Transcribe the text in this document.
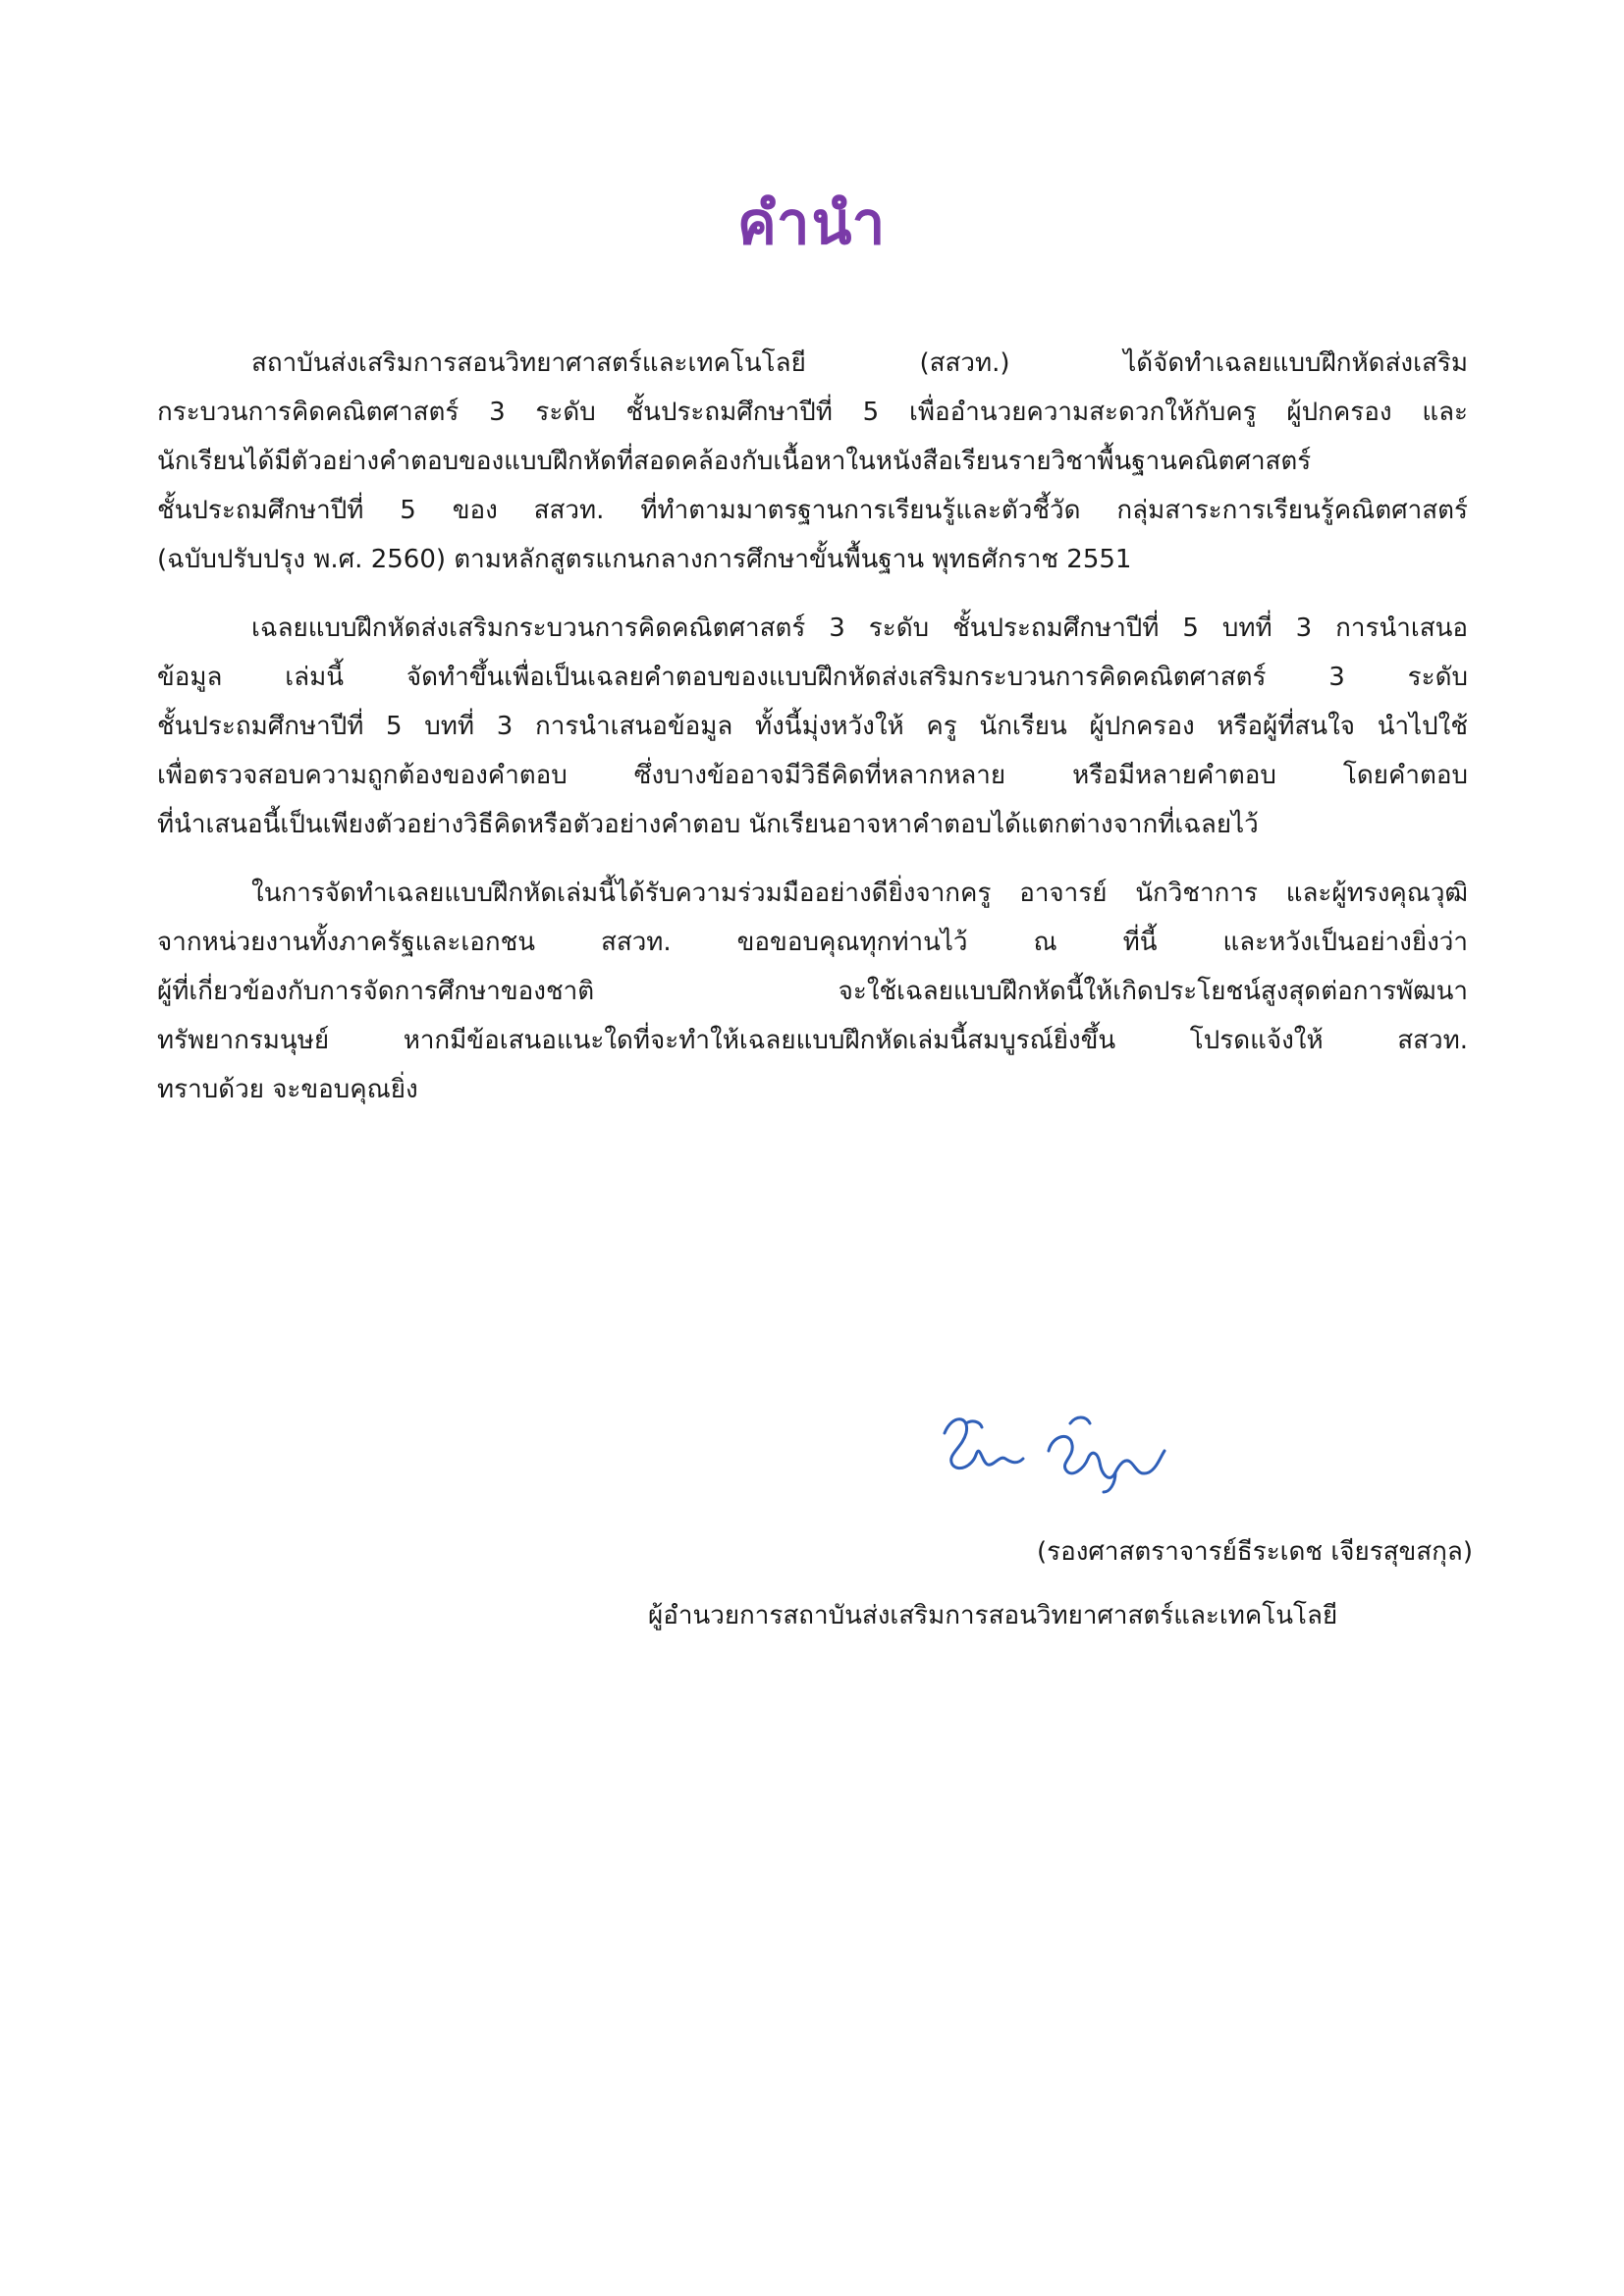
คำนำ
สถาบันส่งเสริมการสอนวิทยาศาสตร์และเทคโนโลยี (สสวท.) ได้จัดทำเฉลยแบบฝึกหัดส่งเสริม
กระบวนการคิดคณิตศาสตร์ 3 ระดับ ชั้นประถมศึกษาปีที่ 5 เพื่ออำนวยความสะดวกให้กับครู ผู้ปกครอง และ
นักเรียนได้มีตัวอย่างคำตอบของแบบฝึกหัดที่สอดคล้องกับเนื้อหาในหนังสือเรียนรายวิชาพื้นฐานคณิตศาสตร์
ชั้นประถมศึกษาปีที่ 5 ของ สสวท. ที่ทำตามมาตรฐานการเรียนรู้และตัวชี้วัด กลุ่มสาระการเรียนรู้คณิตศาสตร์
(ฉบับปรับปรุง พ.ศ. 2560) ตามหลักสูตรแกนกลางการศึกษาขั้นพื้นฐาน พุทธศักราช 2551
เฉลยแบบฝึกหัดส่งเสริมกระบวนการคิดคณิตศาสตร์ 3 ระดับ ชั้นประถมศึกษาปีที่ 5 บทที่ 3 การนำเสนอ
ข้อมูล เล่มนี้ จัดทำขึ้นเพื่อเป็นเฉลยคำตอบของแบบฝึกหัดส่งเสริมกระบวนการคิดคณิตศาสตร์ 3 ระดับ
ชั้นประถมศึกษาปีที่ 5 บทที่ 3 การนำเสนอข้อมูล ทั้งนี้มุ่งหวังให้ ครู นักเรียน ผู้ปกครอง หรือผู้ที่สนใจ นำไปใช้
เพื่อตรวจสอบความถูกต้องของคำตอบ ซึ่งบางข้ออาจมีวิธีคิดที่หลากหลาย หรือมีหลายคำตอบ โดยคำตอบ
ที่นำเสนอนี้เป็นเพียงตัวอย่างวิธีคิดหรือตัวอย่างคำตอบ นักเรียนอาจหาคำตอบได้แตกต่างจากที่เฉลยไว้
ในการจัดทำเฉลยแบบฝึกหัดเล่มนี้ได้รับความร่วมมืออย่างดียิ่งจากครู อาจารย์ นักวิชาการ และผู้ทรงคุณวุฒิ
จากหน่วยงานทั้งภาครัฐและเอกชน สสวท. ขอขอบคุณทุกท่านไว้ ณ ที่นี้ และหวังเป็นอย่างยิ่งว่า
ผู้ที่เกี่ยวข้องกับการจัดการศึกษาของชาติ จะใช้เฉลยแบบฝึกหัดนี้ให้เกิดประโยชน์สูงสุดต่อการพัฒนา
ทรัพยากรมนุษย์ หากมีข้อเสนอแนะใดที่จะทำให้เฉลยแบบฝึกหัดเล่มนี้สมบูรณ์ยิ่งขึ้น โปรดแจ้งให้ สสวท.
ทราบด้วย จะขอบคุณยิ่ง
(รองศาสตราจารย์ธีระเดช เจียรสุขสกุล)
ผู้อำนวยการสถาบันส่งเสริมการสอนวิทยาศาสตร์และเทคโนโลยี
